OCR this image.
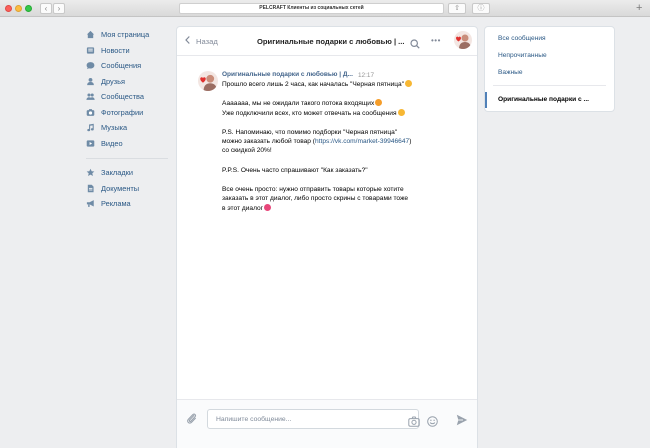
‹	›	PELCRAFT Клиенты из социальных сетей	⇧	ⓘ	+
Моя страница
Новости
Сообщения
Друзья
Сообщества
Фотографии
Музыка
Видео
Закладки
Документы
Реклама
Назад	Оригинальные подарки с любовью | ...	•••
Оригинальные подарки с любовью | Д... 12:17

Прошло всего лишь 2 часа, как началась "Черная пятница"

Ааааааа, мы не ожидали такого потока входящих

Уже подключили всех, кто может отвечать на сообщения

P.S. Напоминаю, что помимо подборки "Черная пятница"

можно заказать любой товар (https://vk.com/market-39946647)

со скидкой 20%!

P.P.S. Очень часто спрашивают "Как заказать?"

Все очень просто: нужно отправить товары которые хотите

заказать в этот диалог, либо просто скрины с товарами тоже

в этот диалог

Напишите сообщение...
Все сообщения
Непрочитанные
Важные
Оригинальные подарки с ...
